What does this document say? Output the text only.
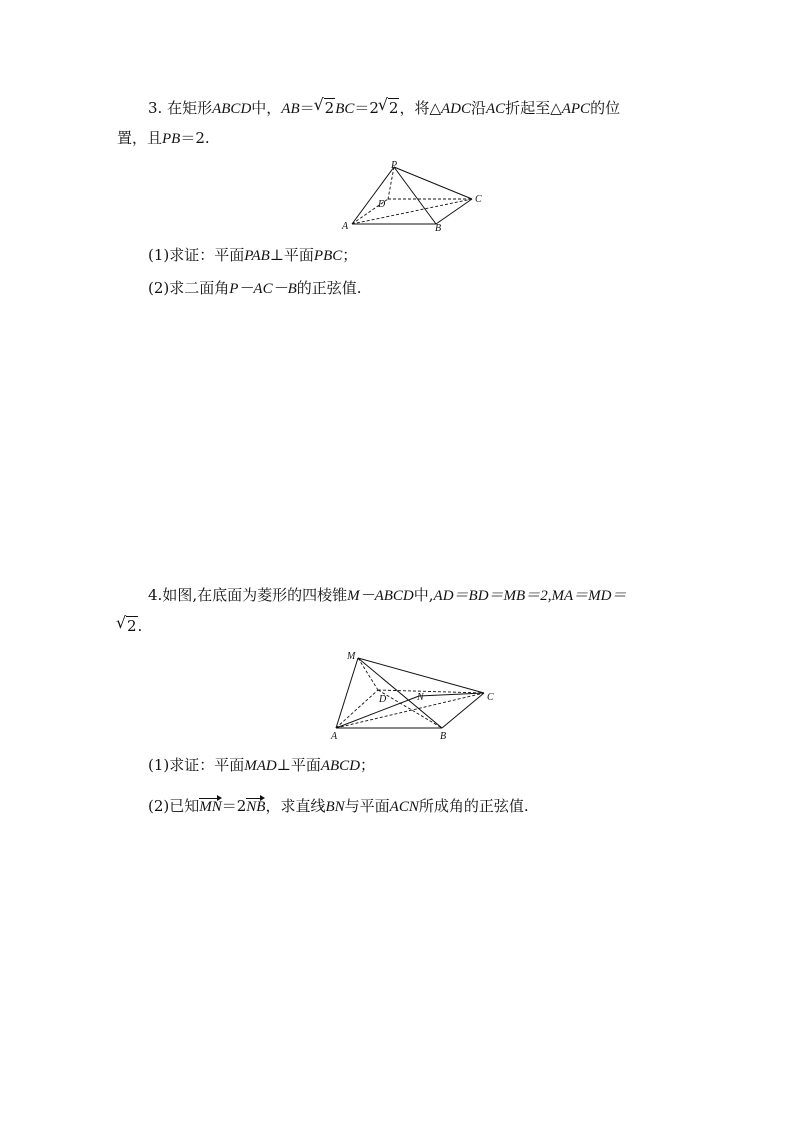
3. 在矩形ABCD中，AB＝ √ 2BC＝2 √ 2，将△ADC沿AC折起至△APC的位
置，且PB＝2.
P
D	C
A	B
(1)求证：平面PAB⊥平面PBC；
(2)求二面角P－AC－B的正弦值.
4.如图,在底面为菱形的四棱锥M－ABCD中,AD＝BD＝MB＝2,MA＝MD＝
√ 2.
M
D	N	C
A	B
(1)求证：平面MAD⊥平面ABCD；
(2)已知MN＝2NB，求直线BN与平面ACN所成角的正弦值.
